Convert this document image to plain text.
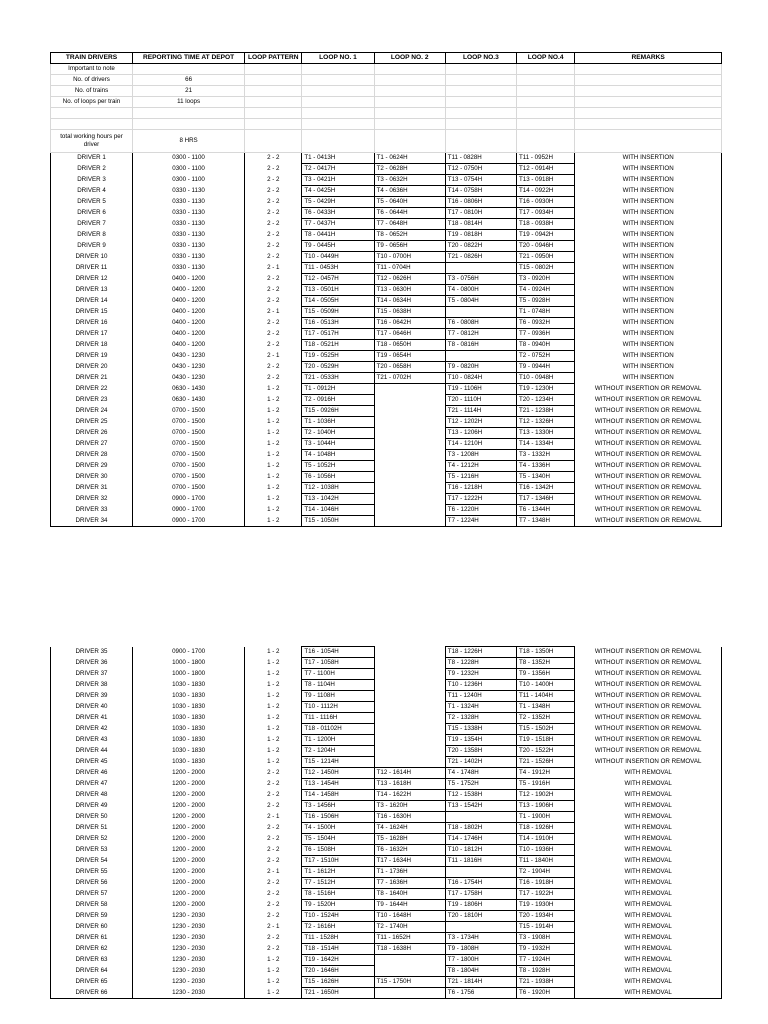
Important to note							
No. of drivers	66						
No. of trains	21						
No. of loops per train	11 loops						

total working hours per driver	8 HRS						
TRAIN DRIVERS	REPORTING TIME AT DEPOT	LOOP PATTERN	LOOP NO. 1	LOOP NO. 2	LOOP NO.3	LOOP NO.4	REMARKS
DRIVER 1	0300 - 1100	2 - 2	T1 - 0413H	T1 - 0624H	T11 - 0828H	T11 - 0952H	WITH INSERTION
DRIVER 2	0300 - 1100	2 - 2	T2 - 0417H	T2 - 0628H	T12 - 0750H	T12 - 0914H	WITH INSERTION
DRIVER 3	0300 - 1100	2 - 2	T3 - 0421H	T3 - 0632H	T13 - 0754H	T13 - 0918H	WITH INSERTION
DRIVER 4	0330 - 1130	2 - 2	T4 - 0425H	T4 - 0636H	T14 - 0758H	T14 - 0922H	WITH INSERTION
DRIVER 5	0330 - 1130	2 - 2	T5 - 0429H	T5 - 0640H	T16 - 0806H	T16 - 0930H	WITH INSERTION
DRIVER 6	0330 - 1130	2 - 2	T6 - 0433H	T6 - 0644H	T17 - 0810H	T17 - 0934H	WITH INSERTION
DRIVER 7	0330 - 1130	2 - 2	T7 - 0437H	T7 - 0648H	T18 - 0814H	T18 - 0938H	WITH INSERTION
DRIVER 8	0330 - 1130	2 - 2	T8 - 0441H	T8 - 0652H	T19 - 0818H	T19 - 0942H	WITH INSERTION
DRIVER 9	0330 - 1130	2 - 2	T9 - 0445H	T9 - 0656H	T20 - 0822H	T20 - 0946H	WITH INSERTION
DRIVER 10	0330 - 1130	2 - 2	T10 - 0449H	T10 - 0700H	T21 - 0826H	T21 - 0950H	WITH INSERTION
DRIVER 11	0330 - 1130	2 - 1	T11 - 0453H	T11 - 0704H		T15 - 0802H	WITH INSERTION
DRIVER 12	0400 - 1200	2 - 2	T12 - 0457H	T12 - 0626H	T3 - 0756H	T3 - 0920H	WITH INSERTION
DRIVER 13	0400 - 1200	2 - 2	T13 - 0501H	T13 - 0630H	T4 - 0800H	T4 - 0924H	WITH INSERTION
DRIVER 14	0400 - 1200	2 - 2	T14 - 0505H	T14 - 0634H	T5 - 0804H	T5 - 0928H	WITH INSERTION
DRIVER 15	0400 - 1200	2 - 1	T15 - 0509H	T15 - 0638H		T1 - 0748H	WITH INSERTION
DRIVER 16	0400 - 1200	2 - 2	T16 - 0513H	T16 - 0642H	T6 - 0808H	T6 - 0932H	WITH INSERTION
DRIVER 17	0400 - 1200	2 - 2	T17 - 0517H	T17 - 0646H	T7 - 0812H	T7 - 0936H	WITH INSERTION
DRIVER 18	0400 - 1200	2 - 2	T18 - 0521H	T18 - 0650H	T8 - 0816H	T8 - 0940H	WITH INSERTION
DRIVER 19	0430 - 1230	2 - 1	T19 - 0525H	T19 - 0654H		T2 - 0752H	WITH INSERTION
DRIVER 20	0430 - 1230	2 - 2	T20 - 0529H	T20 - 0658H	T9 - 0820H	T9 - 0944H	WITH INSERTION
DRIVER 21	0430 - 1230	2 - 2	T21 - 0533H	T21 - 0702H	T10 - 0824H	T10 - 0948H	WITH INSERTION
DRIVER 22	0630 - 1430	1 - 2	T1 - 0912H		T19 - 1106H	T19 - 1230H	WITHOUT INSERTION OR REMOVAL
DRIVER 23	0630 - 1430	1 - 2	T2 - 0916H		T20 - 1110H	T20 - 1234H	WITHOUT INSERTION OR REMOVAL
DRIVER 24	0700 - 1500	1 - 2	T15 - 0926H		T21 - 1114H	T21 - 1238H	WITHOUT INSERTION OR REMOVAL
DRIVER 25	0700 - 1500	1 - 2	T1 - 1036H		T12 - 1202H	T12 - 1326H	WITHOUT INSERTION OR REMOVAL
DRIVER 26	0700 - 1500	1 - 2	T2 - 1040H		T13 - 1206H	T13 - 1330H	WITHOUT INSERTION OR REMOVAL
DRIVER 27	0700 - 1500	1 - 2	T3 - 1044H		T14 - 1210H	T14 - 1334H	WITHOUT INSERTION OR REMOVAL
DRIVER 28	0700 - 1500	1 - 2	T4 - 1048H		T3 - 1208H	T3 - 1332H	WITHOUT INSERTION OR REMOVAL
DRIVER 29	0700 - 1500	1 - 2	T5 - 1052H		T4 - 1212H	T4 - 1336H	WITHOUT INSERTION OR REMOVAL
DRIVER 30	0700 - 1500	1 - 2	T6 - 1056H		T5 - 1216H	T5 - 1340H	WITHOUT INSERTION OR REMOVAL
DRIVER 31	0700 - 1500	1 - 2	T12 - 1038H		T16 - 1218H	T16 - 1342H	WITHOUT INSERTION OR REMOVAL
DRIVER 32	0900 - 1700	1 - 2	T13 - 1042H		T17 - 1222H	T17 - 1346H	WITHOUT INSERTION OR REMOVAL
DRIVER 33	0900 - 1700	1 - 2	T14 - 1046H		T6 - 1220H	T6 - 1344H	WITHOUT INSERTION OR REMOVAL
DRIVER 34	0900 - 1700	1 - 2	T15 - 1050H		T7 - 1224H	T7 - 1348H	WITHOUT INSERTION OR REMOVAL
DRIVER 35	0900 - 1700	1 - 2	T16 - 1054H		T18 - 1226H	T18 - 1350H	WITHOUT INSERTION OR REMOVAL
DRIVER 36	1000 - 1800	1 - 2	T17 - 1058H		T8 - 1228H	T8 - 1352H	WITHOUT INSERTION OR REMOVAL
DRIVER 37	1000 - 1800	1 - 2	T7 - 1100H		T9 - 1232H	T9 - 1356H	WITHOUT INSERTION OR REMOVAL
DRIVER 38	1030 - 1830	1 - 2	T8 - 1104H		T10 - 1236H	T10 - 1400H	WITHOUT INSERTION OR REMOVAL
DRIVER 39	1030 - 1830	1 - 2	T9 - 1108H		T11 - 1240H	T11 - 1404H	WITHOUT INSERTION OR REMOVAL
DRIVER 40	1030 - 1830	1 - 2	T10 - 1112H		T1 - 1324H	T1 - 1348H	WITHOUT INSERTION OR REMOVAL
DRIVER 41	1030 - 1830	1 - 2	T11 - 1116H		T2 - 1328H	T2 - 1352H	WITHOUT INSERTION OR REMOVAL
DRIVER 42	1030 - 1830	1 - 2	T18 - 01102H		T15 - 1338H	T15 - 1502H	WITHOUT INSERTION OR REMOVAL
DRIVER 43	1030 - 1830	1 - 2	T1 - 1200H		T19 - 1354H	T19 - 1518H	WITHOUT INSERTION OR REMOVAL
DRIVER 44	1030 - 1830	1 - 2	T2 - 1204H		T20 - 1358H	T20 - 1522H	WITHOUT INSERTION OR REMOVAL
DRIVER 45	1030 - 1830	1 - 2	T15 - 1214H		T21 - 1402H	T21 - 1526H	WITHOUT INSERTION OR REMOVAL
DRIVER 46	1200 - 2000	2 - 2	T12 - 1450H	T12 - 1614H	T4 - 1748H	T4 - 1912H	WITH REMOVAL
DRIVER 47	1200 - 2000	2 - 2	T13 - 1454H	T13 - 1618H	T5 - 1752H	T5 - 1916H	WITH REMOVAL
DRIVER 48	1200 - 2000	2 - 2	T14 - 1458H	T14 - 1622H	T12 - 1538H	T12 - 1902H	WITH REMOVAL
DRIVER 49	1200 - 2000	2 - 2	T3 - 1456H	T3 - 1620H	T13 - 1542H	T13 - 1906H	WITH REMOVAL
DRIVER 50	1200 - 2000	2 - 1	T16 - 1506H	T16 - 1630H		T1 - 1900H	WITH REMOVAL
DRIVER 51	1200 - 2000	2 - 2	T4 - 1500H	T4 - 1624H	T18 - 1802H	T18 - 1926H	WITH REMOVAL
DRIVER 52	1200 - 2000	2 - 2	T5 - 1504H	T5 - 1628H	T14 - 1746H	T14 - 1910H	WITH REMOVAL
DRIVER 53	1200 - 2000	2 - 2	T6 - 1508H	T6 - 1632H	T10 - 1812H	T10 - 1936H	WITH REMOVAL
DRIVER 54	1200 - 2000	2 - 2	T17 - 1510H	T17 - 1634H	T11 - 1816H	T11 - 1840H	WITH REMOVAL
DRIVER 55	1200 - 2000	2 - 1	T1 - 1612H	T1 - 1736H		T2 - 1904H	WITH REMOVAL
DRIVER 56	1200 - 2000	2 - 2	T7 - 1512H	T7 - 1636H	T16 - 1754H	T16 - 1918H	WITH REMOVAL
DRIVER 57	1200 - 2000	2 - 2	T8 - 1516H	T8 - 1640H	T17 - 1758H	T17 - 1922H	WITH REMOVAL
DRIVER 58	1200 - 2000	2 - 2	T9 - 1520H	T9 - 1644H	T19 - 1806H	T19 - 1930H	WITH REMOVAL
DRIVER 59	1230 - 2030	2 - 2	T10 - 1524H	T10 - 1648H	T20 - 1810H	T20 - 1934H	WITH REMOVAL
DRIVER 60	1230 - 2030	2 - 1	T2 - 1616H	T2 - 1740H		T15 - 1914H	WITH REMOVAL
DRIVER 61	1230 - 2030	2 - 2	T11 - 1528H	T11 - 1652H	T3 - 1734H	T3 - 1908H	WITH REMOVAL
DRIVER 62	1230 - 2030	2 - 2	T18 - 1514H	T18 - 1638H	T9 - 1808H	T9 - 1932H	WITH REMOVAL
DRIVER 63	1230 - 2030	1 - 2	T19 - 1642H		T7 - 1800H	T7 - 1924H	WITH REMOVAL
DRIVER 64	1230 - 2030	1 - 2	T20 - 1646H		T8 - 1804H	T8 - 1928H	WITH REMOVAL
DRIVER 65	1230 - 2030	1 - 2	T15 - 1626H	T15 - 1750H	T21 - 1814H	T21 - 1938H	WITH REMOVAL
DRIVER 66	1230 - 2030	1 - 2	T21 - 1650H		T6 - 1756	T6 - 1920H	WITH REMOVAL
